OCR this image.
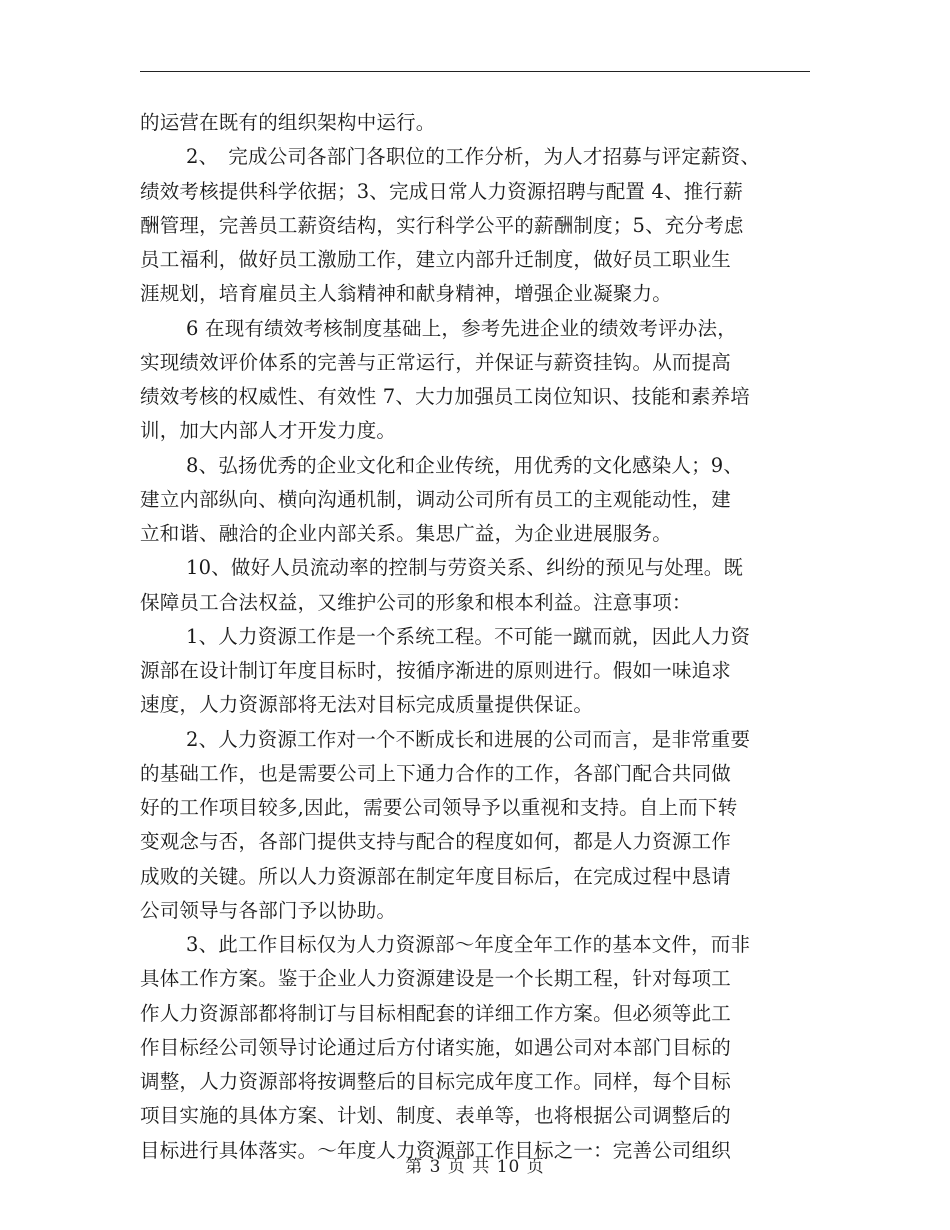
的运营在既有的组织架构中运行。
2、　完成公司各部门各职位的工作分析，为人才招募与评定薪资、
绩效考核提供科学依据；3、完成日常人力资源招聘与配置 4、推行薪
酬管理，完善员工薪资结构，实行科学公平的薪酬制度；5、充分考虑
员工福利，做好员工激励工作，建立内部升迁制度，做好员工职业生
涯规划，培育雇员主人翁精神和献身精神，增强企业凝聚力。
6 在现有绩效考核制度基础上，参考先进企业的绩效考评办法，
实现绩效评价体系的完善与正常运行，并保证与薪资挂钩。从而提高
绩效考核的权威性、有效性 7、大力加强员工岗位知识、技能和素养培
训，加大内部人才开发力度。
8、弘扬优秀的企业文化和企业传统，用优秀的文化感染人；9、
建立内部纵向、横向沟通机制，调动公司所有员工的主观能动性，建
立和谐、融洽的企业内部关系。集思广益，为企业进展服务。
10、做好人员流动率的控制与劳资关系、纠纷的预见与处理。既
保障员工合法权益，又维护公司的形象和根本利益。注意事项：
1、人力资源工作是一个系统工程。不可能一蹴而就，因此人力资
源部在设计制订年度目标时，按循序渐进的原则进行。假如一味追求
速度，人力资源部将无法对目标完成质量提供保证。
2、人力资源工作对一个不断成长和进展的公司而言，是非常重要
的基础工作，也是需要公司上下通力合作的工作，各部门配合共同做
好的工作项目较多,因此，需要公司领导予以重视和支持。自上而下转
变观念与否，各部门提供支持与配合的程度如何，都是人力资源工作
成败的关键。所以人力资源部在制定年度目标后，在完成过程中恳请
公司领导与各部门予以协助。
3、此工作目标仅为人力资源部～年度全年工作的基本文件，而非
具体工作方案。鉴于企业人力资源建设是一个长期工程，针对每项工
作人力资源部都将制订与目标相配套的详细工作方案。但必须等此工
作目标经公司领导讨论通过后方付诸实施，如遇公司对本部门目标的
调整，人力资源部将按调整后的目标完成年度工作。同样，每个目标
项目实施的具体方案、计划、制度、表单等，也将根据公司调整后的
目标进行具体落实。～年度人力资源部工作目标之一：完善公司组织
第 3 页 共 10 页
